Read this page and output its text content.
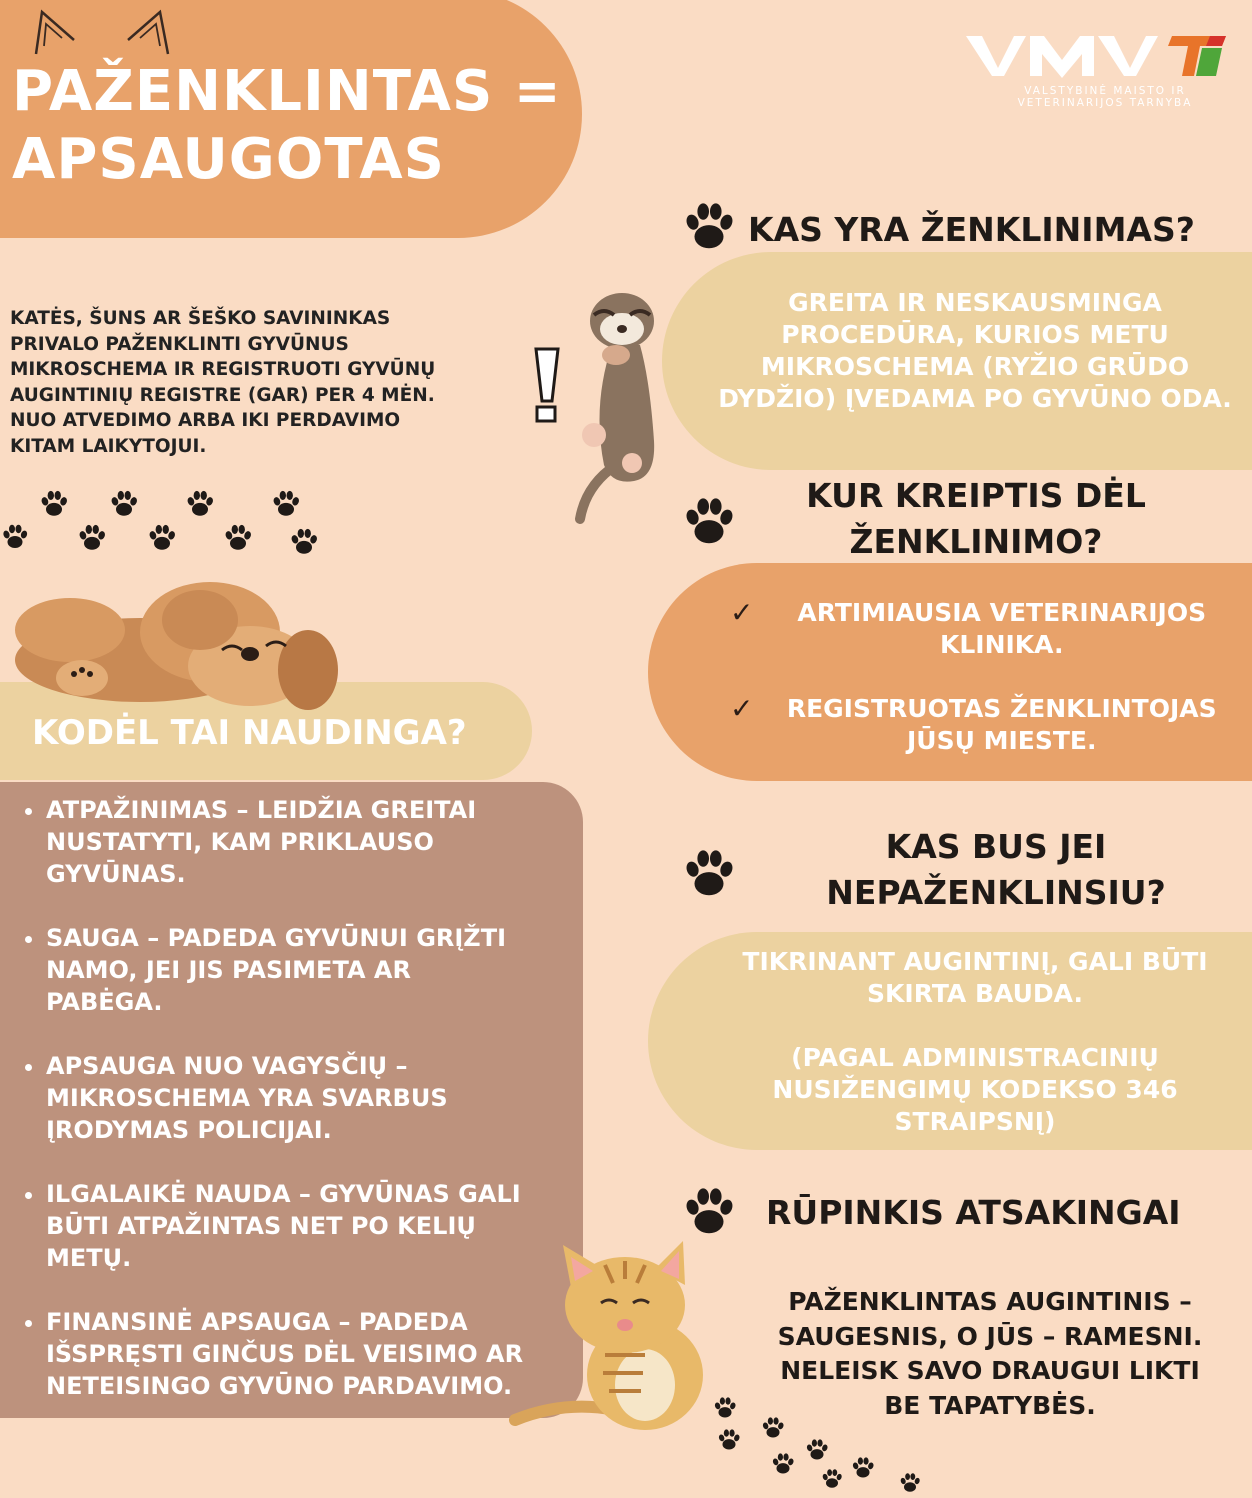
PAŽENKLINTAS =
APSAUGOTAS
VALSTYBINĖ MAISTO IR
VETERINARIJOS TARNYBA
KATĖS, ŠUNS AR ŠEŠKO SAVININKAS
PRIVALO PAŽENKLINTI GYVŪNUS
MIKROSCHEMA IR REGISTRUOTI GYVŪNŲ
AUGINTINIŲ REGISTRE (GAR) PER 4 MĖN.
NUO ATVEDIMO ARBA IKI PERDAVIMO
KITAM LAIKYTOJUI.
KODĖL TAI NAUDINGA?
• ATPAŽINIMAS – LEIDŽIA GREITAI
NUSTATYTI, KAM PRIKLAUSO
GYVŪNAS.
• SAUGA – PADEDA GYVŪNUI GRĮŽTI
NAMO, JEI JIS PASIMETA AR
PABĖGA.
• APSAUGA NUO VAGYSČIŲ –
MIKROSCHEMA YRA SVARBUS
ĮRODYMAS POLICIJAI.
• ILGALAIKĖ NAUDA – GYVŪNAS GALI
BŪTI ATPAŽINTAS NET PO KELIŲ
METŲ.
• FINANSINĖ APSAUGA – PADEDA
IŠSPRĘSTI GINČUS DĖL VEISIMO AR
NETEISINGO GYVŪNO PARDAVIMO.
KAS YRA ŽENKLINIMAS?
GREITA IR NESKAUSMINGA
PROCEDŪRA, KURIOS METU
MIKROSCHEMA (RYŽIO GRŪDO
DYDŽIO) ĮVEDAMA PO GYVŪNO ODA.
KUR KREIPTIS DĖL
ŽENKLINIMO?
✓	ARTIMIAUSIA VETERINARIJOS
KLINIKA.
✓	REGISTRUOTAS ŽENKLINTOJAS
JŪSŲ MIESTE.
KAS BUS JEI
NEPAŽENKLINSIU?
TIKRINANT AUGINTINĮ, GALI BŪTI
SKIRTA BAUDA.
(PAGAL ADMINISTRACINIŲ
NUSIŽENGIMŲ KODEKSO 346
STRAIPSNĮ)
RŪPINKIS ATSAKINGAI
PAŽENKLINTAS AUGINTINIS –
SAUGESNIS, O JŪS – RAMESNI.
NELEISK SAVO DRAUGUI LIKTI
BE TAPATYBĖS.
